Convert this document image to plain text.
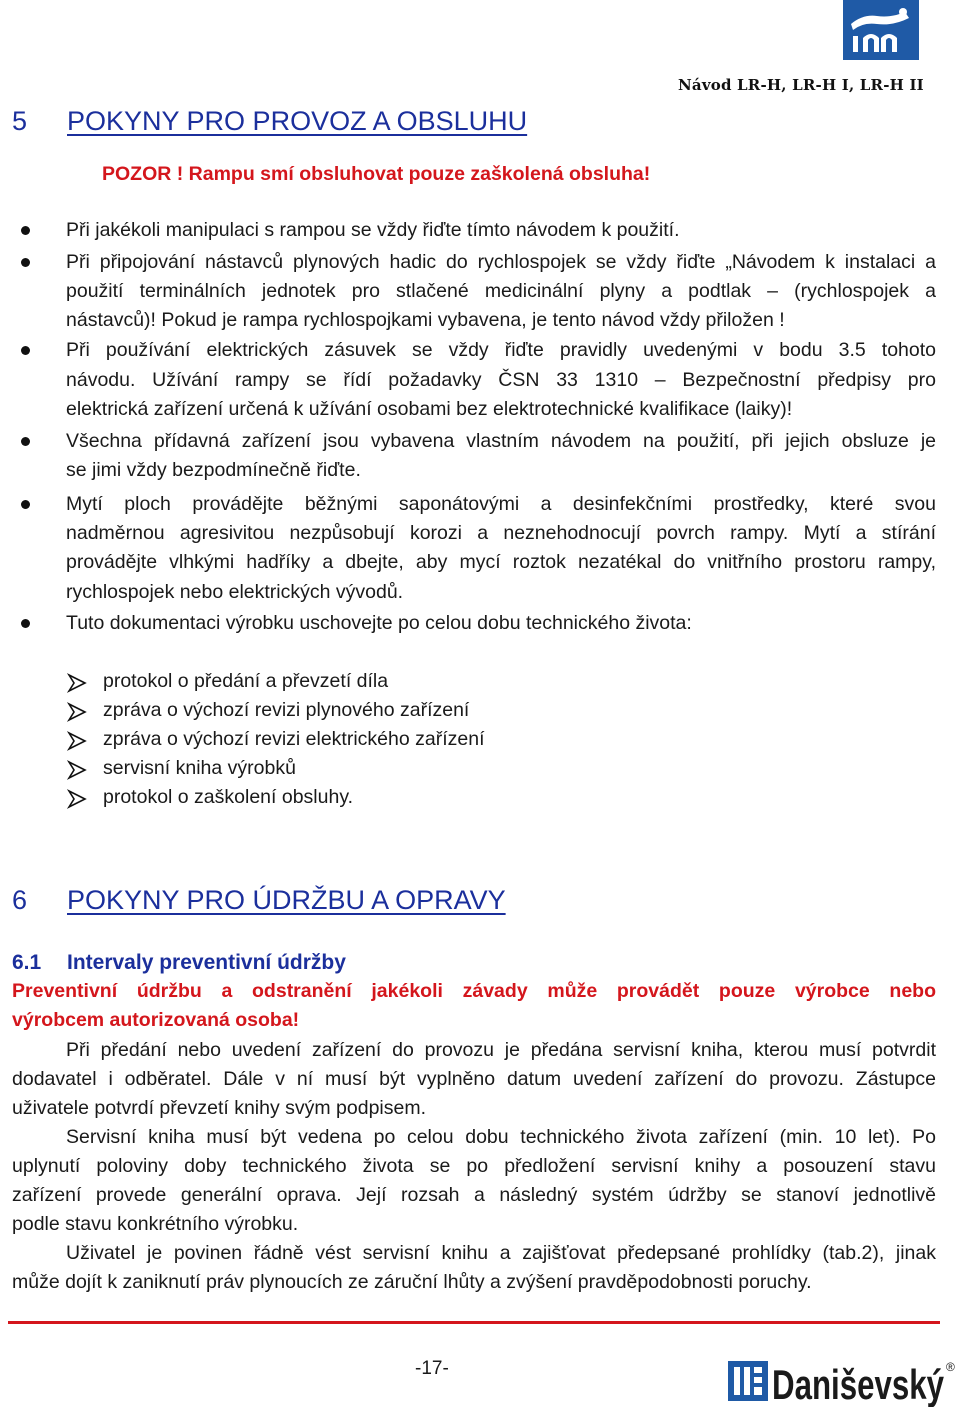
Návod LR-H, LR-H I, LR-H II
5 POKYNY PRO PROVOZ A OBSLUHU
POZOR ! Rampu smí obsluhovat pouze zaškolená obsluha!
Při jakékoli manipulaci s rampou se vždy řiďte tímto návodem k použití.
Při připojování nástavců plynových hadic do rychlospojek se vždy řiďte „Návodem k instalaci a
použití terminálních jednotek pro stlačené medicinální plyny a podtlak – (rychlospojek a
nástavců)! Pokud je rampa rychlospojkami vybavena, je tento návod vždy přiložen !
Při používání elektrických zásuvek se vždy řiďte pravidly uvedenými v bodu 3.5 tohoto
návodu. Užívání rampy se řídí požadavky ČSN 33 1310 – Bezpečnostní předpisy pro
elektrická zařízení určená k užívání osobami bez elektrotechnické kvalifikace (laiky)!
Všechna přídavná zařízení jsou vybavena vlastním návodem na použití, při jejich obsluze je
se jimi vždy bezpodmínečně řiďte.
Mytí ploch provádějte běžnými saponátovými a desinfekčními prostředky, které svou
nadměrnou agresivitou nezpůsobují korozi a neznehodnocují povrch rampy. Mytí a stírání
provádějte vlhkými hadříky a dbejte, aby mycí roztok nezatékal do vnitřního prostoru rampy,
rychlospojek nebo elektrických vývodů.
Tuto dokumentaci výrobku uschovejte po celou dobu technického života:
protokol o předání a převzetí díla
zpráva o výchozí revizi plynového zařízení
zpráva o výchozí revizi elektrického zařízení
servisní kniha výrobků
protokol o zaškolení obsluhy.
6 POKYNY PRO ÚDRŽBU A OPRAVY
6.1 Intervaly preventivní údržby
Preventivní údržbu a odstranění jakékoli závady může provádět pouze výrobce nebo
výrobcem autorizovaná osoba!
Při předání nebo uvedení zařízení do provozu je předána servisní kniha, kterou musí potvrdit
dodavatel i odběratel. Dále v ní musí být vyplněno datum uvedení zařízení do provozu. Zástupce
uživatele potvrdí převzetí knihy svým podpisem.
Servisní kniha musí být vedena po celou dobu technického života zařízení (min. 10 let). Po
uplynutí poloviny doby technického života se po předložení servisní knihy a posouzení stavu
zařízení provede generální oprava. Její rozsah a následný systém údržby se stanoví jednotlivě
podle stavu konkrétního výrobku.
Uživatel je povinen řádně vést servisní knihu a zajišťovat předepsané prohlídky (tab.2), jinak
může dojít k zaniknutí práv plynoucích ze záruční lhůty a zvýšení pravděpodobnosti poruchy.
-17-	Daniševský ®
